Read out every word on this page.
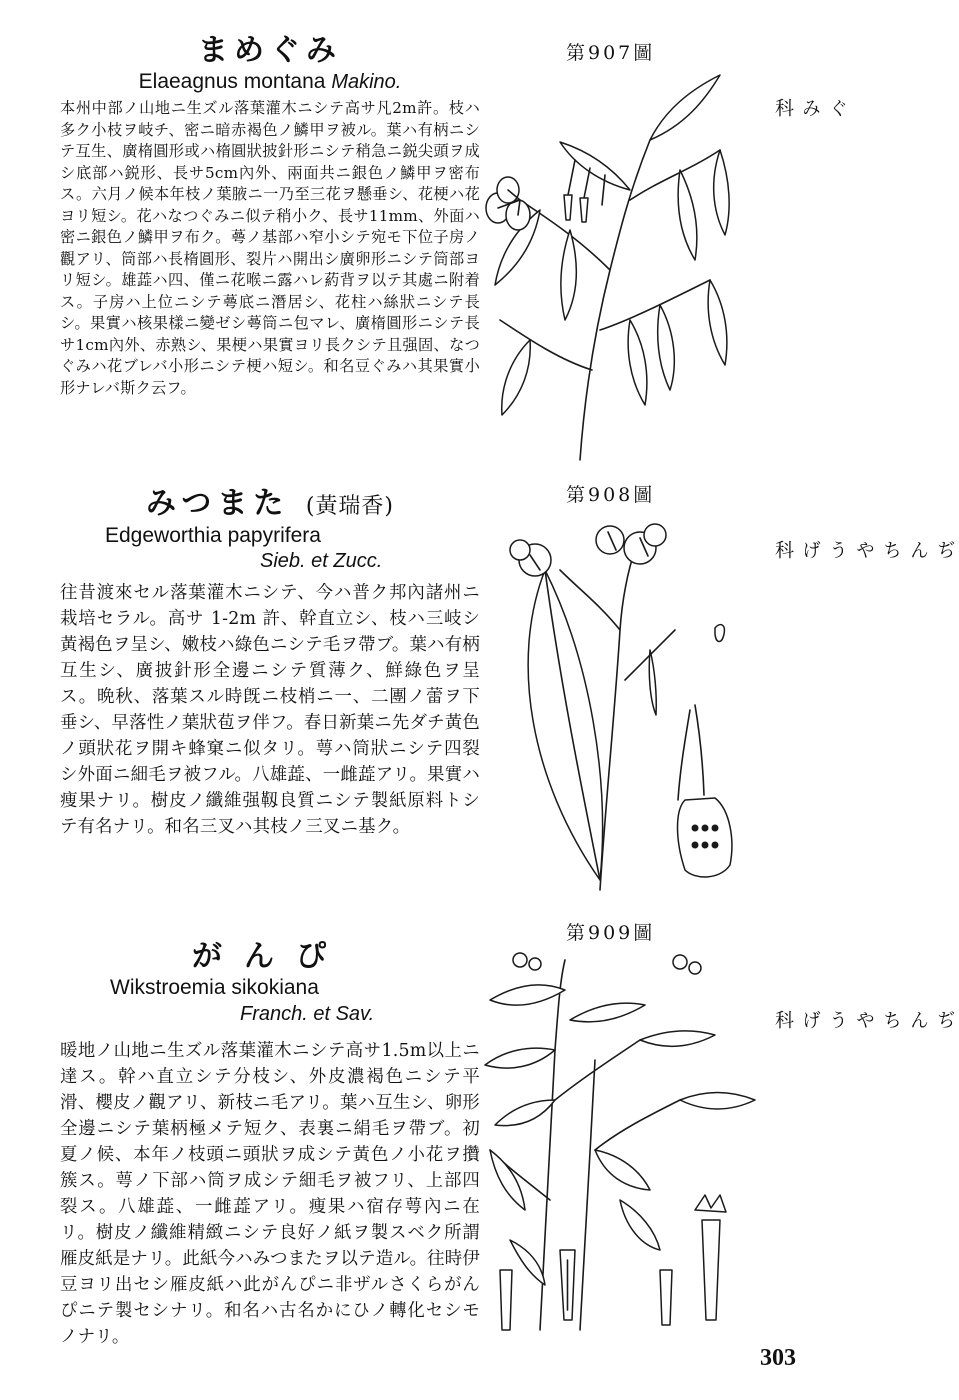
まめぐみ
Elaeagnus montana Makino.
本州中部ノ山地ニ生ズル落葉灌木ニシテ高サ凡2m許。枝ハ多ク小枝ヲ岐チ、密ニ暗赤褐色ノ鱗甲ヲ被ル。葉ハ有柄ニシテ互生、廣楕圓形或ハ楕圓狀披針形ニシテ稍急ニ鋭尖頭ヲ成シ底部ハ鋭形、長サ5cm內外、兩面共ニ銀色ノ鱗甲ヲ密布ス。六月ノ候本年枝ノ葉腋ニ一乃至三花ヲ懸垂シ、花梗ハ花ヨリ短シ。花ハなつぐみニ似テ稍小ク、長サ11mm、外面ハ密ニ銀色ノ鱗甲ヲ布ク。蕚ノ基部ハ窄小シテ宛モ下位子房ノ觀アリ、筒部ハ長楕圓形、裂片ハ開出シ廣卵形ニシテ筒部ヨリ短シ。雄蕋ハ四、僅ニ花喉ニ露ハレ葯背ヲ以テ其處ニ附着ス。子房ハ上位ニシテ蕚底ニ潛居シ、花柱ハ絲狀ニシテ長シ。果實ハ核果樣ニ變ゼシ蕚筒ニ包マレ、廣楕圓形ニシテ長サ1cm內外、赤熟シ、果梗ハ果實ヨリ長クシテ且强固、なつぐみハ花ブレバ小形ニシテ梗ハ短シ。和名豆ぐみハ其果實小形ナレバ斯ク云フ。
第907圖
ぐみ科
みつまた (黃瑞香)
Edgeworthia papyrifera
Sieb. et Zucc.
往昔渡來セル落葉灌木ニシテ、今ハ普ク邦內諸州ニ栽培セラル。高サ 1-2m 許、幹直立シ、枝ハ三岐シ黃褐色ヲ呈シ、嫩枝ハ綠色ニシテ毛ヲ帶ブ。葉ハ有柄互生シ、廣披針形全邊ニシテ質薄ク、鮮綠色ヲ呈ス。晩秋、落葉スル時旣ニ枝梢ニ一、二團ノ蕾ヲ下垂シ、早落性ノ葉狀苞ヲ伴フ。春日新葉ニ先ダチ黃色ノ頭狀花ヲ開キ蜂窠ニ似タリ。萼ハ筒狀ニシテ四裂シ外面ニ細毛ヲ被フル。八雄蕋、一雌蕋アリ。果實ハ痩果ナリ。樹皮ノ纖維强靱良質ニシテ製紙原料トシテ有名ナリ。和名三叉ハ其枝ノ三叉ニ基ク。
第908圖
ぢんちやうげ科
がんぴ
Wikstroemia sikokiana
Franch. et Sav.
暖地ノ山地ニ生ズル落葉灌木ニシテ高サ1.5m以上ニ達ス。幹ハ直立シテ分枝シ、外皮濃褐色ニシテ平滑、櫻皮ノ觀アリ、新枝ニ毛アリ。葉ハ互生シ、卵形全邊ニシテ葉柄極メテ短ク、表裏ニ絹毛ヲ帶ブ。初夏ノ候、本年ノ枝頭ニ頭狀ヲ成シテ黃色ノ小花ヲ攢簇ス。萼ノ下部ハ筒ヲ成シテ細毛ヲ被フリ、上部四裂ス。八雄蕋、一雌蕋アリ。痩果ハ宿存萼內ニ在リ。樹皮ノ纖維精緻ニシテ良好ノ紙ヲ製スベク所謂雁皮紙是ナリ。此紙今ハみつまたヲ以テ造ル。往時伊豆ヨリ出セシ雁皮紙ハ此がんぴニ非ザルさくらがんぴニテ製セシナリ。和名ハ古名かにひノ轉化セシモノナリ。
第909圖
ぢんちやうげ科
303
